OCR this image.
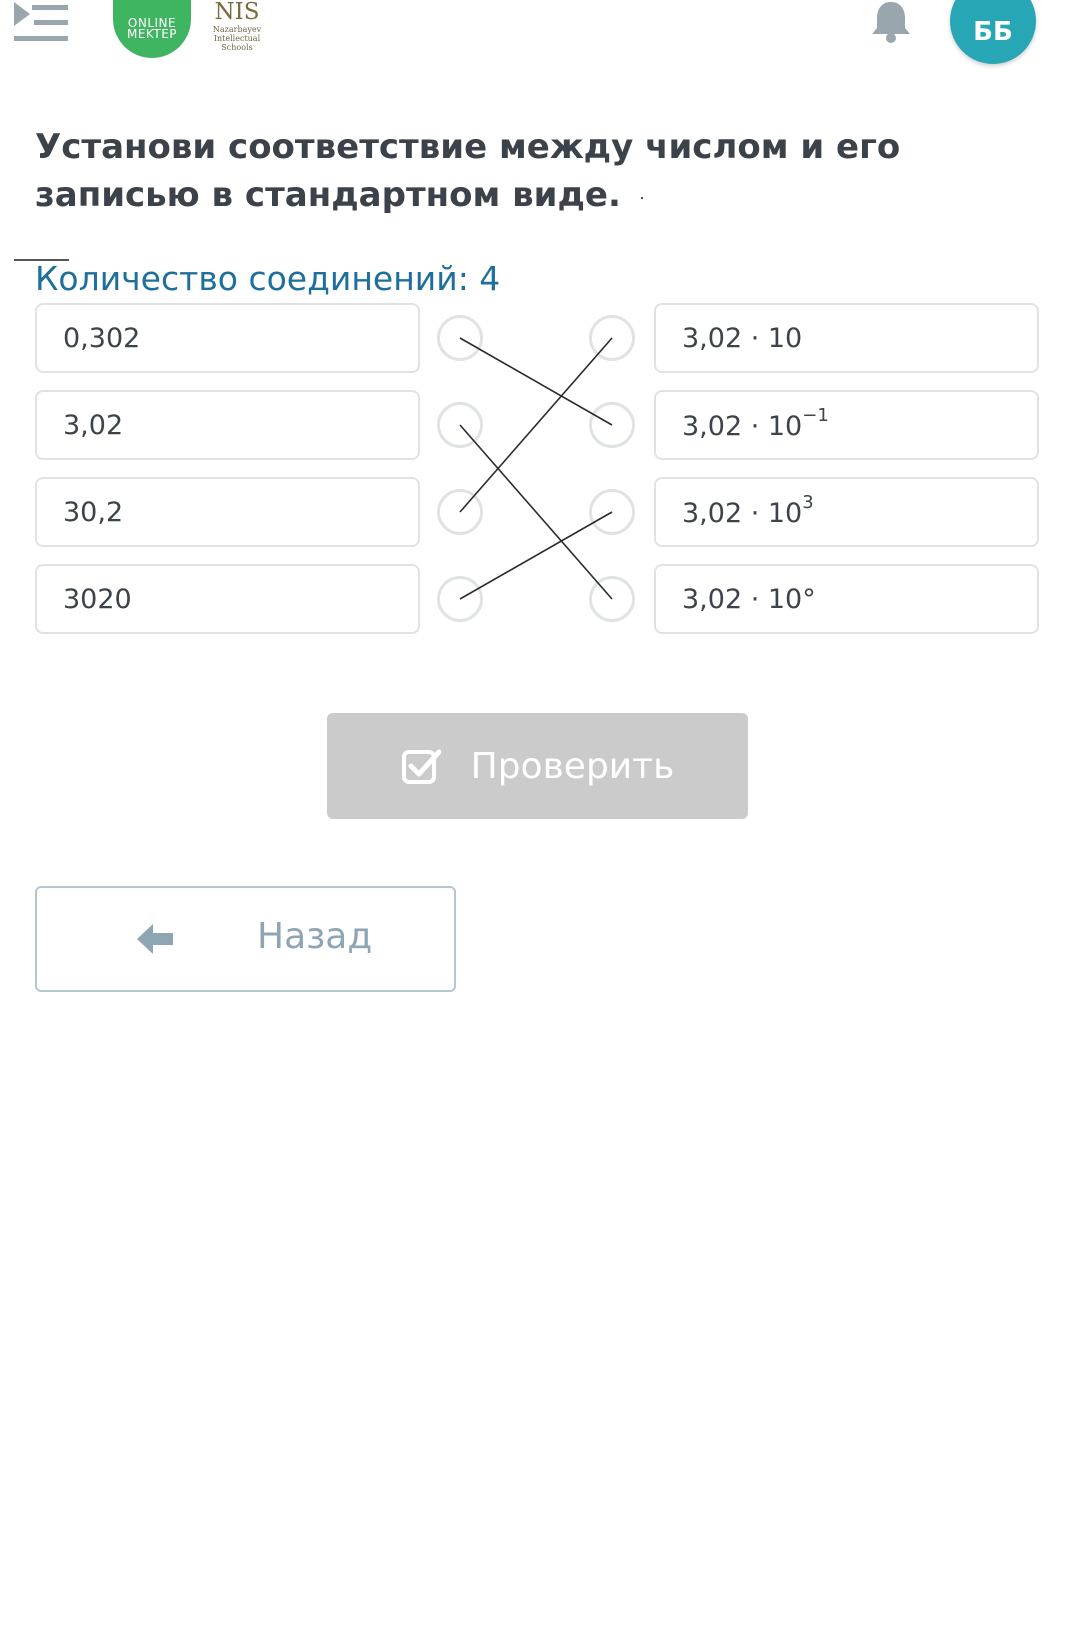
ONLINE
MEKTEP
NIS
Nazarbayev
Intellectual
Schools
ББ
Установи соответствие между числом и его записью в стандартном виде.
Количество соединений: 4
0,302
3,02
30,2
3020
3,02 · 10
$3,02 \cdot 10^{-1}$
$3,02 \cdot 10^3$
3,02 · 10°
Проверить
Назад
